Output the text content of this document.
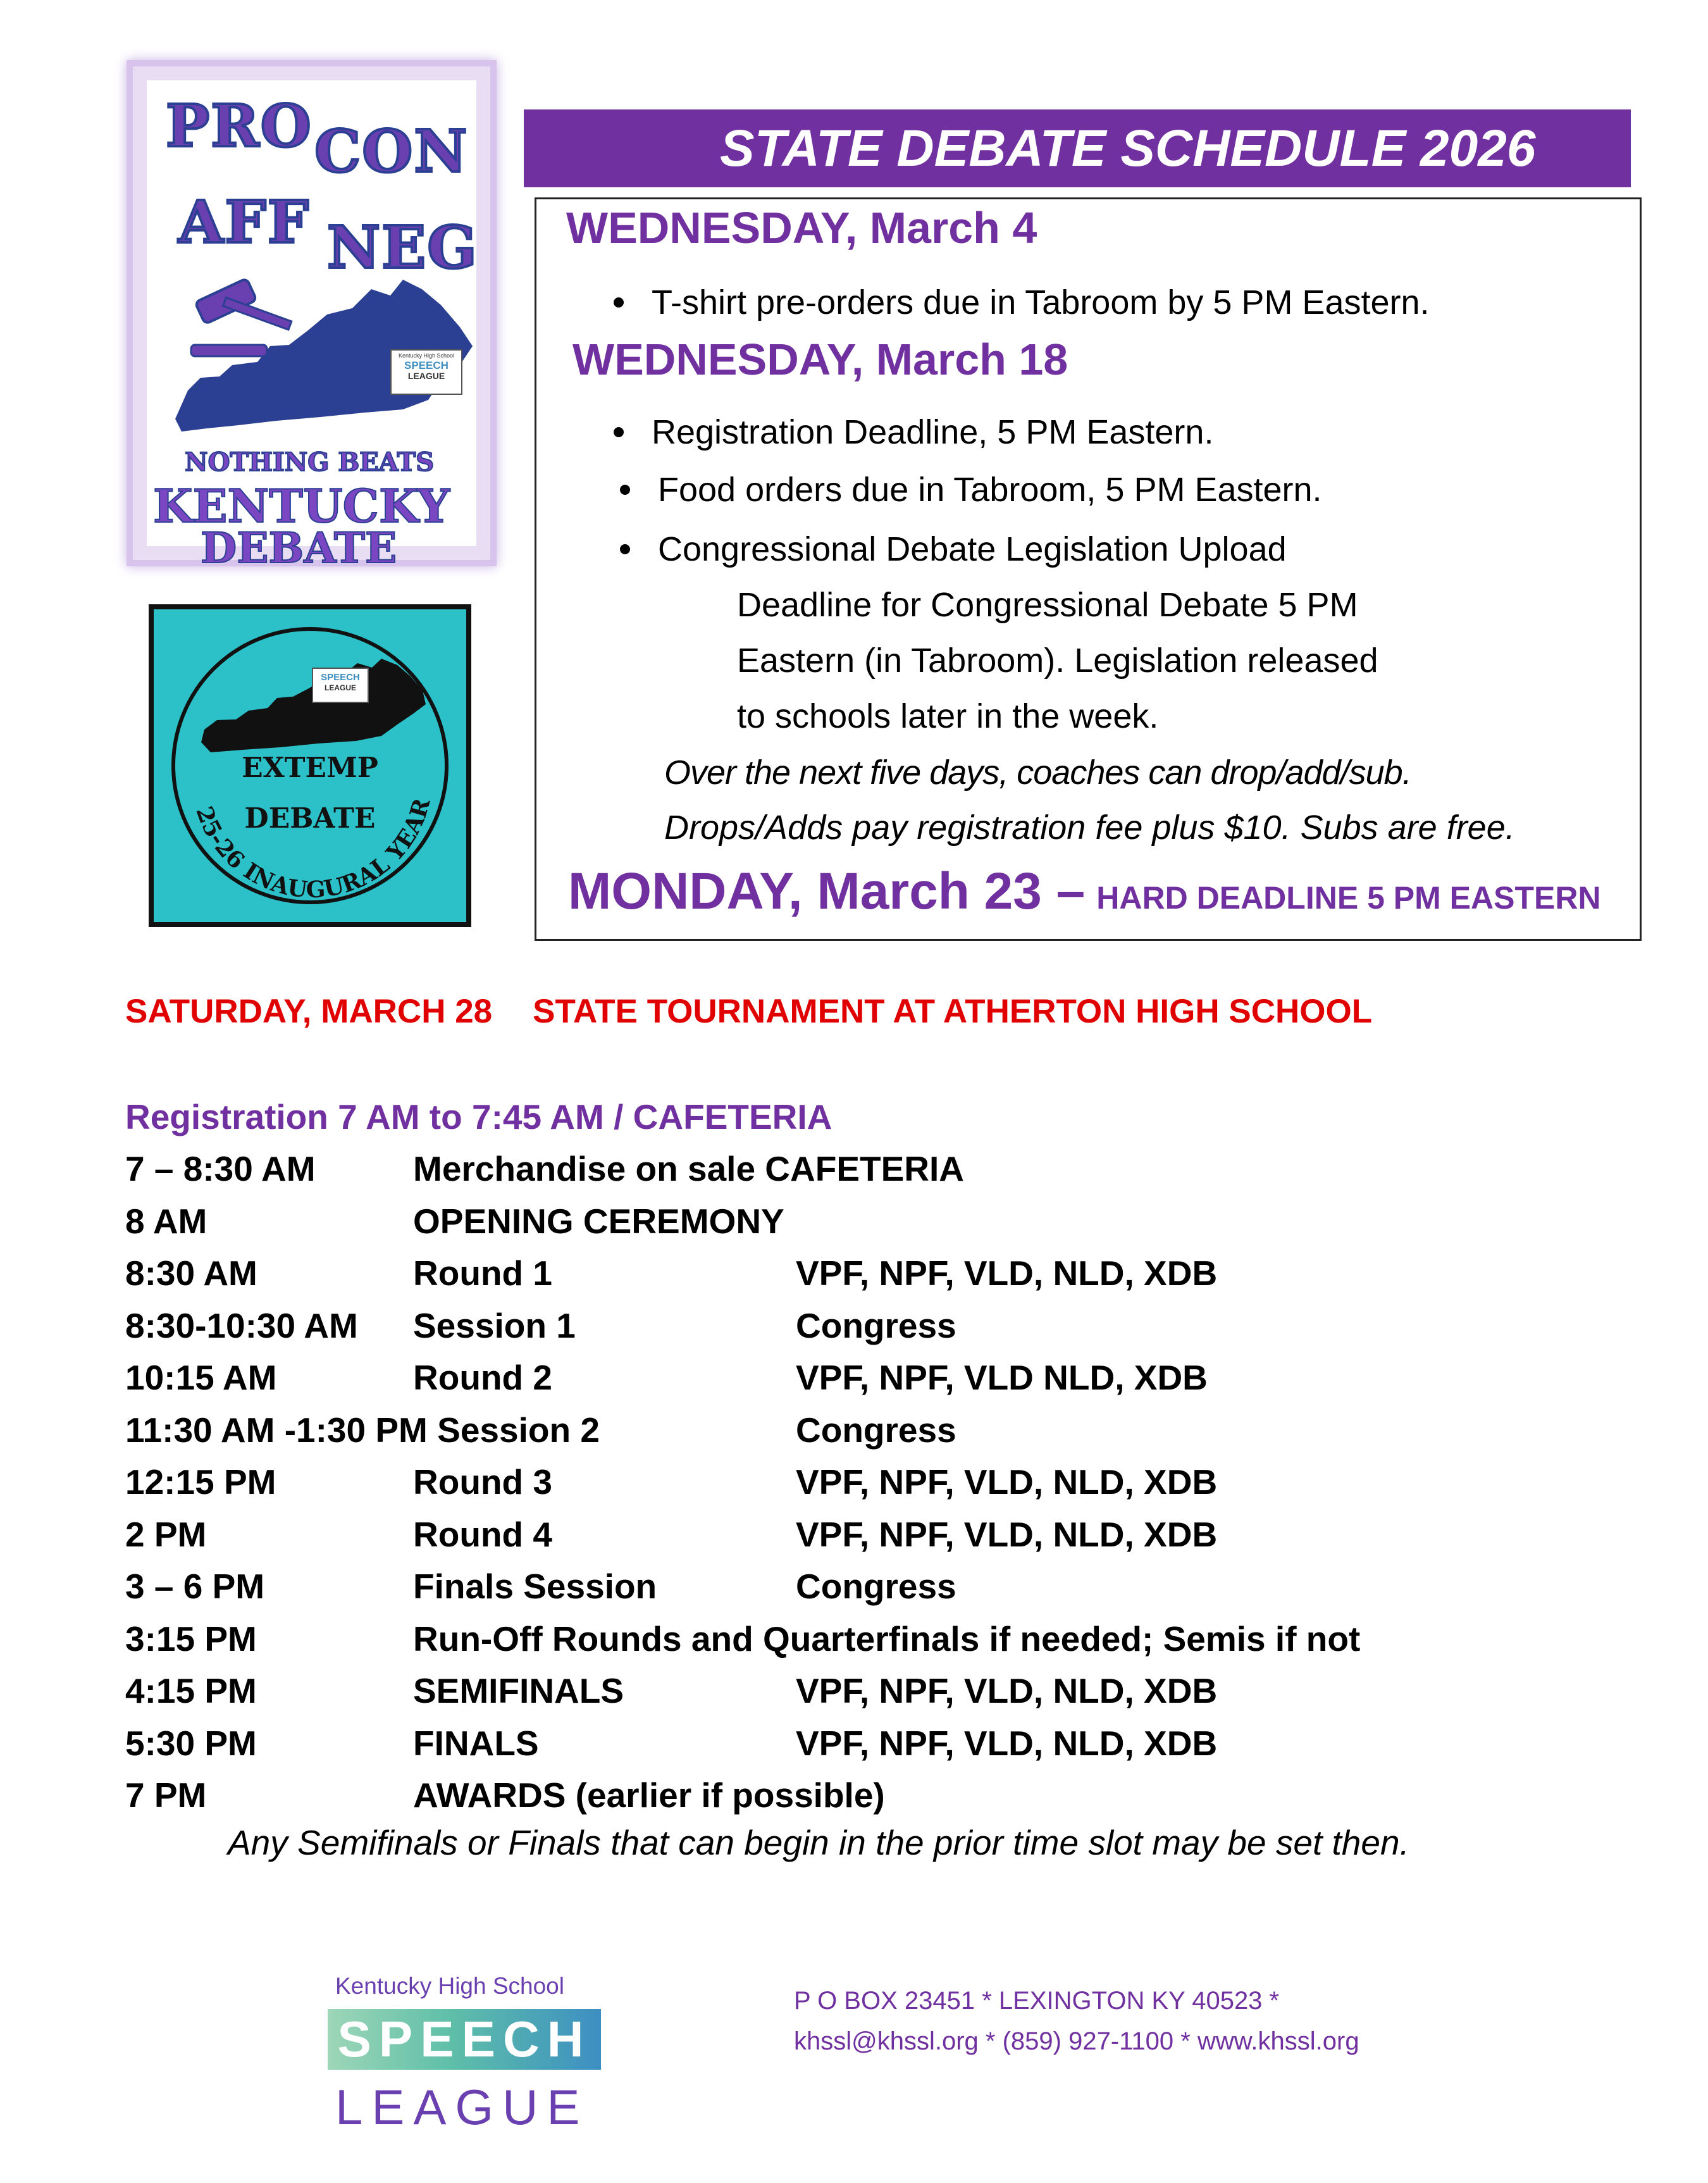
PRO CON
AFF NEG
Kentucky High School
SPEECH
LEAGUE
NOTHING BEATS
KENTUCKY
DEBATE
SPEECH
LEAGUE
EXTEMP
DEBATE
25-26 INAUGURAL YEAR
STATE DEBATE SCHEDULE 2026
WEDNESDAY, March 4
T-shirt pre-orders due in Tabroom by 5 PM Eastern.
WEDNESDAY, March 18
Registration Deadline, 5 PM Eastern.
Food orders due in Tabroom, 5 PM Eastern.
Congressional Debate Legislation Upload
Deadline for Congressional Debate 5 PM
Eastern (in Tabroom). Legislation released
to schools later in the week.
Over the next five days, coaches can drop/add/sub.
Drops/Adds pay registration fee plus $10. Subs are free.
MONDAY, March 23 – HARD DEADLINE 5 PM EASTERN
SATURDAY, MARCH 28 STATE TOURNAMENT AT ATHERTON HIGH SCHOOL
Registration 7 AM to 7:45 AM / CAFETERIA
7 – 8:30 AM	Merchandise on sale CAFETERIA
8 AM	OPENING CEREMONY
8:30 AM	Round 1	VPF, NPF, VLD, NLD, XDB
8:30-10:30 AM Session 1	Congress
10:15 AM	Round 2	VPF, NPF, VLD NLD, XDB
11:30 AM -1:30 PM Session 2	Congress
12:15 PM	Round 3	VPF, NPF, VLD, NLD, XDB
2 PM	Round 4	VPF, NPF, VLD, NLD, XDB
3 – 6 PM	Finals Session	Congress
3:15 PM	Run-Off Rounds and Quarterfinals if needed; Semis if not
4:15 PM	SEMIFINALS	VPF, NPF, VLD, NLD, XDB
5:30 PM	FINALS	VPF, NPF, VLD, NLD, XDB
7 PM	AWARDS (earlier if possible)
Any Semifinals or Finals that can begin in the prior time slot may be set then.
Kentucky High School
SPEECH
LEAGUE
P O BOX 23451 * LEXINGTON KY 40523 *
khssl@khssl.org * (859) 927-1100 * www.khssl.org
